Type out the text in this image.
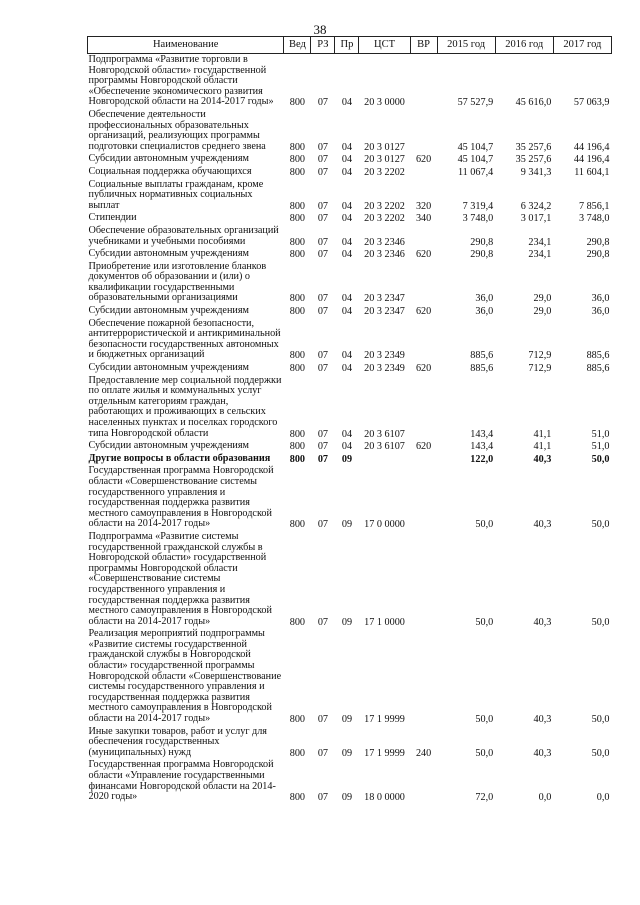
38
Наименование	Вед	РЗ	Пр	ЦСТ	ВР	2015 год	2016 год	2017 год
Подпрограмма «Развитие торговли в Новгородской области» государственной программы Новгородской области «Обеспечение экономического развития Новгородской области на 2014-2017 годы»	800	07	04	20 3 0000		57 527,9	45 616,0	57 063,9
Обеспечение деятельности профессиональных образовательных организаций, реализующих программы подготовки специалистов среднего звена	800	07	04	20 3 0127		45 104,7	35 257,6	44 196,4
Субсидии автономным учреждениям	800	07	04	20 3 0127	620	45 104,7	35 257,6	44 196,4
Социальная поддержка обучающихся	800	07	04	20 3 2202		11 067,4	9 341,3	11 604,1
Социальные выплаты гражданам, кроме публичных нормативных социальных выплат	800	07	04	20 3 2202	320	7 319,4	6 324,2	7 856,1
Стипендии	800	07	04	20 3 2202	340	3 748,0	3 017,1	3 748,0
Обеспечение образовательных организаций учебниками и учебными пособиями	800	07	04	20 3 2346		290,8	234,1	290,8
Субсидии автономным учреждениям	800	07	04	20 3 2346	620	290,8	234,1	290,8
Приобретение или изготовление бланков документов об образовании и (или) о квалификации государственными образовательными организациями	800	07	04	20 3 2347		36,0	29,0	36,0
Субсидии автономным учреждениям	800	07	04	20 3 2347	620	36,0	29,0	36,0
Обеспечение пожарной безопасности, антитеррористической и антикриминальной безопасности государственных автономных и бюджетных организаций	800	07	04	20 3 2349		885,6	712,9	885,6
Субсидии автономным учреждениям	800	07	04	20 3 2349	620	885,6	712,9	885,6
Предоставление мер социальной поддержки по оплате жилья и коммунальных услуг отдельным категориям граждан, работающих и проживающих в сельских населенных пунктах и поселках городского типа Новгородской области	800	07	04	20 3 6107		143,4	41,1	51,0
Субсидии автономным учреждениям	800	07	04	20 3 6107	620	143,4	41,1	51,0
Другие вопросы в области образования	800	07	09			122,0	40,3	50,0
Государственная программа Новгородской области «Совершенствование системы государственного управления и государственная поддержка развития местного самоуправления в Новгородской области на 2014-2017 годы»	800	07	09	17 0 0000		50,0	40,3	50,0
Подпрограмма «Развитие системы государственной гражданской службы в Новгородской области» государственной программы Новгородской области «Совершенствование системы государственного управления и государственная поддержка развития местного самоуправления в Новгородской области на 2014-2017 годы»	800	07	09	17 1 0000		50,0	40,3	50,0
Реализация мероприятий подпрограммы «Развитие системы государственной гражданской службы в Новгородской области» государственной программы Новгородской области «Совершенствование системы государственного управления и государственная поддержка развития местного самоуправления в Новгородской области на 2014-2017 годы»	800	07	09	17 1 9999		50,0	40,3	50,0
Иные закупки товаров, работ и услуг для обеспечения государственных (муниципальных) нужд	800	07	09	17 1 9999	240	50,0	40,3	50,0
Государственная программа Новгородской области «Управление государственными финансами Новгородской области на 2014-2020 годы»	800	07	09	18 0 0000		72,0	0,0	0,0
